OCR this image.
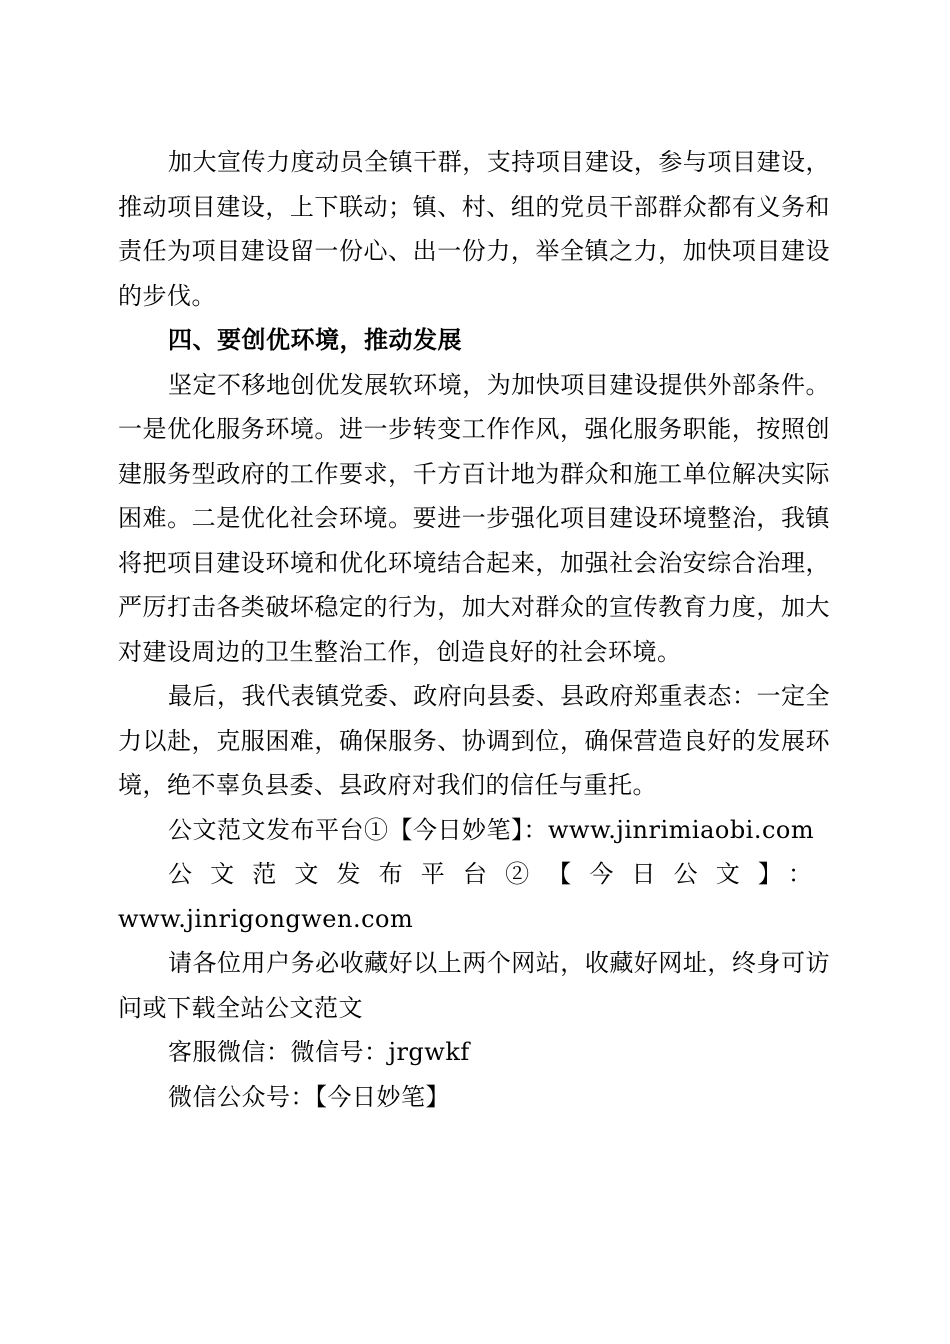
加大宣传力度动员全镇干群，支持项目建设，参与项目建设，推动项目建设，上下联动；镇、村、组的党员干部群众都有义务和责任为项目建设留一份心、出一份力，举全镇之力，加快项目建设的步伐。

四、要创优环境，推动发展

坚定不移地创优发展软环境，为加快项目建设提供外部条件。一是优化服务环境。进一步转变工作作风，强化服务职能，按照创建服务型政府的工作要求，千方百计地为群众和施工单位解决实际困难。二是优化社会环境。要进一步强化项目建设环境整治，我镇将把项目建设环境和优化环境结合起来，加强社会治安综合治理，严厉打击各类破坏稳定的行为，加大对群众的宣传教育力度，加大对建设周边的卫生整治工作，创造良好的社会环境。

最后，我代表镇党委、政府向县委、县政府郑重表态：一定全力以赴，克服困难，确保服务、协调到位，确保营造良好的发展环境，绝不辜负县委、县政府对我们的信任与重托。

公文范文发布平台①【今日妙笔】：www.jinrimiaobi.com

公文范文发布平台②【今日公文】：

www.jinrigongwen.com

请各位用户务必收藏好以上两个网站，收藏好网址，终身可访问或下载全站公文范文

客服微信：微信号：jrgwkf

微信公众号：【今日妙笔】
